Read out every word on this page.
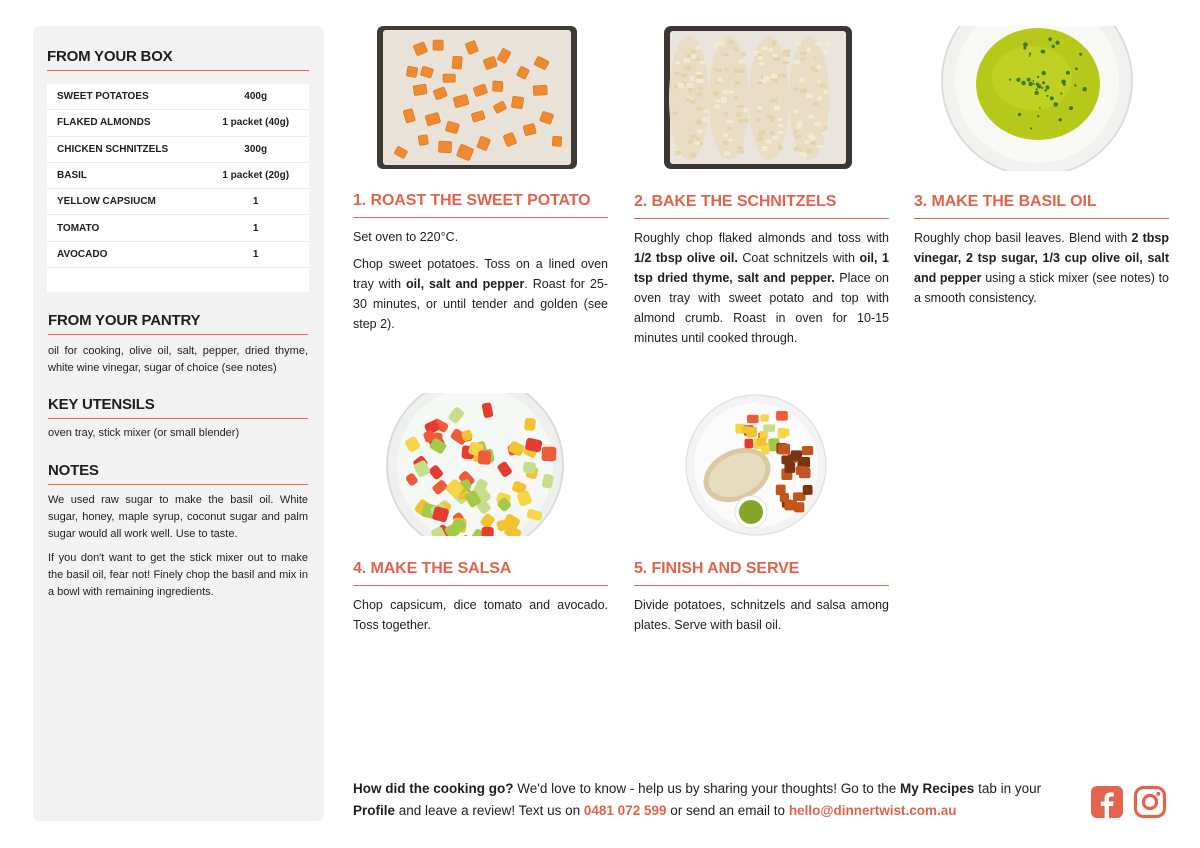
FROM YOUR BOX
SWEET POTATOES	400g
FLAKED ALMONDS	1 packet (40g)
CHICKEN SCHNITZELS	300g
BASIL	1 packet (20g)
YELLOW CAPSIUCM	1
TOMATO	1
AVOCADO	1
FROM YOUR PANTRY
oil for cooking, olive oil, salt, pepper, dried thyme, white wine vinegar, sugar of choice (see notes)
KEY UTENSILS
oven tray, stick mixer (or small blender)
NOTES

We used raw sugar to make the basil oil. White sugar, honey, maple syrup, coconut sugar and palm sugar would all work well. Use to taste.

If you don't want to get the stick mixer out to make the basil oil, fear not! Finely chop the basil and mix in a bowl with remaining ingredients.

1. ROAST THE SWEET POTATO

Set oven to 220°C.

Chop sweet potatoes. Toss on a lined oven tray with oil, salt and pepper. Roast for 25-30 minutes, or until tender and golden (see step 2).

2. BAKE THE SCHNITZELS

Roughly chop flaked almonds and toss with 1/2 tbsp olive oil. Coat schnitzels with oil, 1 tsp dried thyme, salt and pepper. Place on oven tray with sweet potato and top with almond crumb. Roast in oven for 10-15 minutes until cooked through.

3. MAKE THE BASIL OIL

Roughly chop basil leaves. Blend with 2 tbsp vinegar, 2 tsp sugar, 1/3 cup olive oil, salt and pepper using a stick mixer (see notes) to a smooth consistency.

4. MAKE THE SALSA

Chop capsicum, dice tomato and avocado. Toss together.

5. FINISH AND SERVE

Divide potatoes, schnitzels and salsa among plates. Serve with basil oil.

How did the cooking go? We'd love to know - help us by sharing your thoughts! Go to the My Recipes tab in your Profile and leave a review! Text us on 0481 072 599 or send an email to hello@dinnertwist.com.au
